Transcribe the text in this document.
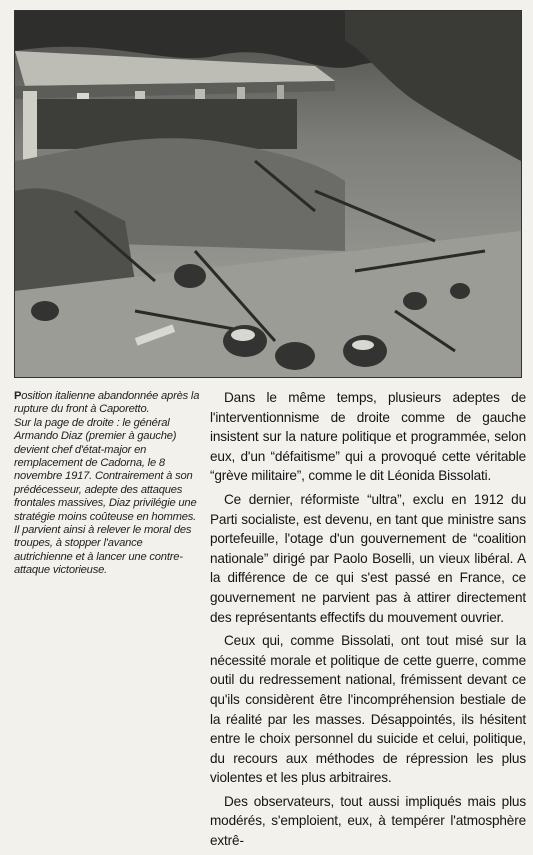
Position italienne abandonnée après la rupture du front à Caporetto.

Sur la page de droite : le général Armando Diaz (premier à gauche) devient chef d'état-major en remplacement de Cadorna, le 8 novembre 1917. Contrairement à son prédécesseur, adepte des attaques frontales massives, Diaz privilégie une stratégie moins coûteuse en hommes. Il parvient ainsi à relever le moral des troupes, à stopper l'avance autrichienne et à lancer une contre-attaque victorieuse.

Dans le même temps, plusieurs adeptes de l'interventionnisme de droite comme de gauche insistent sur la nature politique et programmée, selon eux, d'un “défaitisme” qui a provoqué cette véritable “grève militaire”, comme le dit Léonida Bissolati.

Ce dernier, réformiste “ultra”, exclu en 1912 du Parti socialiste, est devenu, en tant que ministre sans portefeuille, l'otage d'un gouvernement de “coalition nationale” dirigé par Paolo Boselli, un vieux libéral. A la différence de ce qui s'est passé en France, ce gouvernement ne parvient pas à attirer directement des représentants effectifs du mouvement ouvrier.

Ceux qui, comme Bissolati, ont tout misé sur la nécessité morale et politique de cette guerre, comme outil du redressement national, frémissent devant ce qu'ils considèrent être l'incompréhension bestiale de la réalité par les masses. Désappointés, ils hésitent entre le choix personnel du suicide et celui, politique, du recours aux méthodes de répression les plus violentes et les plus arbitraires.

Des observateurs, tout aussi impliqués mais plus modérés, s'emploient, eux, à tempérer l'atmosphère extrê-
